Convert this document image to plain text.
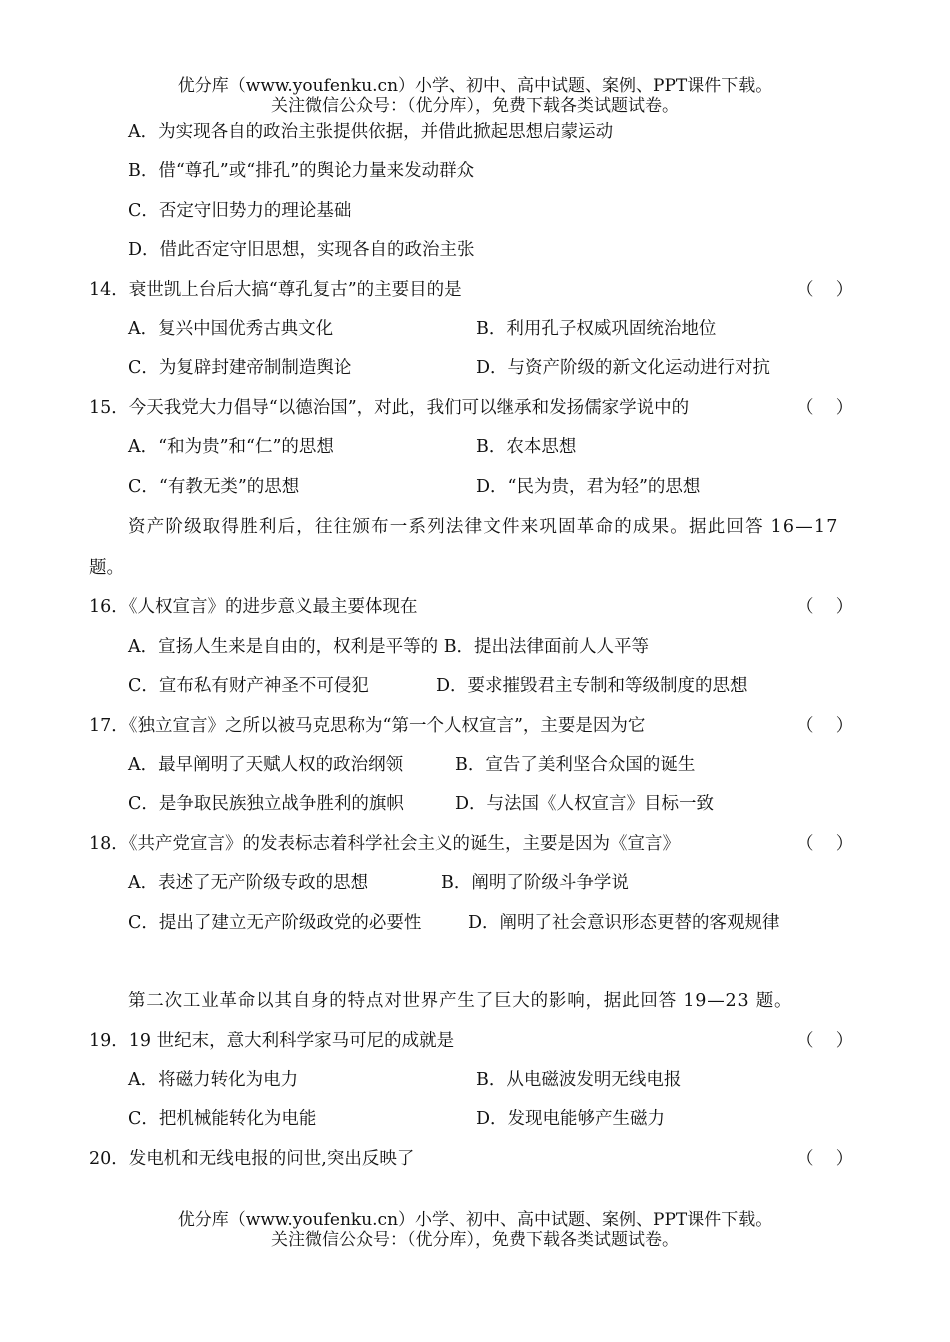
优分库（www.youfenku.cn）小学、初中、高中试题、案例、PPT课件下载。
关注微信公众号：（优分库），免费下载各类试题试卷。
A．为实现各自的政治主张提供依据，并借此掀起思想启蒙运动
B．借“尊孔”或“排孔”的舆论力量来发动群众
C．否定守旧势力的理论基础
D．借此否定守旧思想，实现各自的政治主张
14．衰世凯上台后大搞“尊孔复古”的主要目的是	（    ）
A．复兴中国优秀古典文化	B．利用孔子权威巩固统治地位
C．为复辟封建帝制制造舆论	D．与资产阶级的新文化运动进行对抗
15．今天我党大力倡导“以德治国”，对此，我们可以继承和发扬儒家学说中的	（    ）
A．“和为贵”和“仁”的思想	B．农本思想
C．“有教无类”的思想	D．“民为贵，君为轻”的思想
资产阶级取得胜利后，往往颁布一系列法律文件来巩固革命的成果。据此回答 16—17
题。
16．《人权宣言》的进步意义最主要体现在	（    ）
A．宣扬人生来是自由的，权利是平等的 B．提出法律面前人人平等
C．宣布私有财产神圣不可侵犯	D．要求摧毁君主专制和等级制度的思想
17．《独立宣言》之所以被马克思称为“第一个人权宣言”，主要是因为它	（    ）
A．最早阐明了天赋人权的政治纲领	B．宣告了美利坚合众国的诞生
C．是争取民族独立战争胜利的旗帜	D．与法国《人权宣言》目标一致
18．《共产党宣言》的发表标志着科学社会主义的诞生，主要是因为《宣言》	（    ）
A．表述了无产阶级专政的思想	B．阐明了阶级斗争学说
C．提出了建立无产阶级政党的必要性	D．阐明了社会意识形态更替的客观规律
第二次工业革命以其自身的特点对世界产生了巨大的影响，据此回答 19—23 题。
19．19 世纪末，意大利科学家马可尼的成就是	（    ）
A．将磁力转化为电力	B．从电磁波发明无线电报
C．把机械能转化为电能	D．发现电能够产生磁力
20．发电机和无线电报的问世,突出反映了	（    ）
优分库（www.youfenku.cn）小学、初中、高中试题、案例、PPT课件下载。
关注微信公众号：（优分库），免费下载各类试题试卷。
